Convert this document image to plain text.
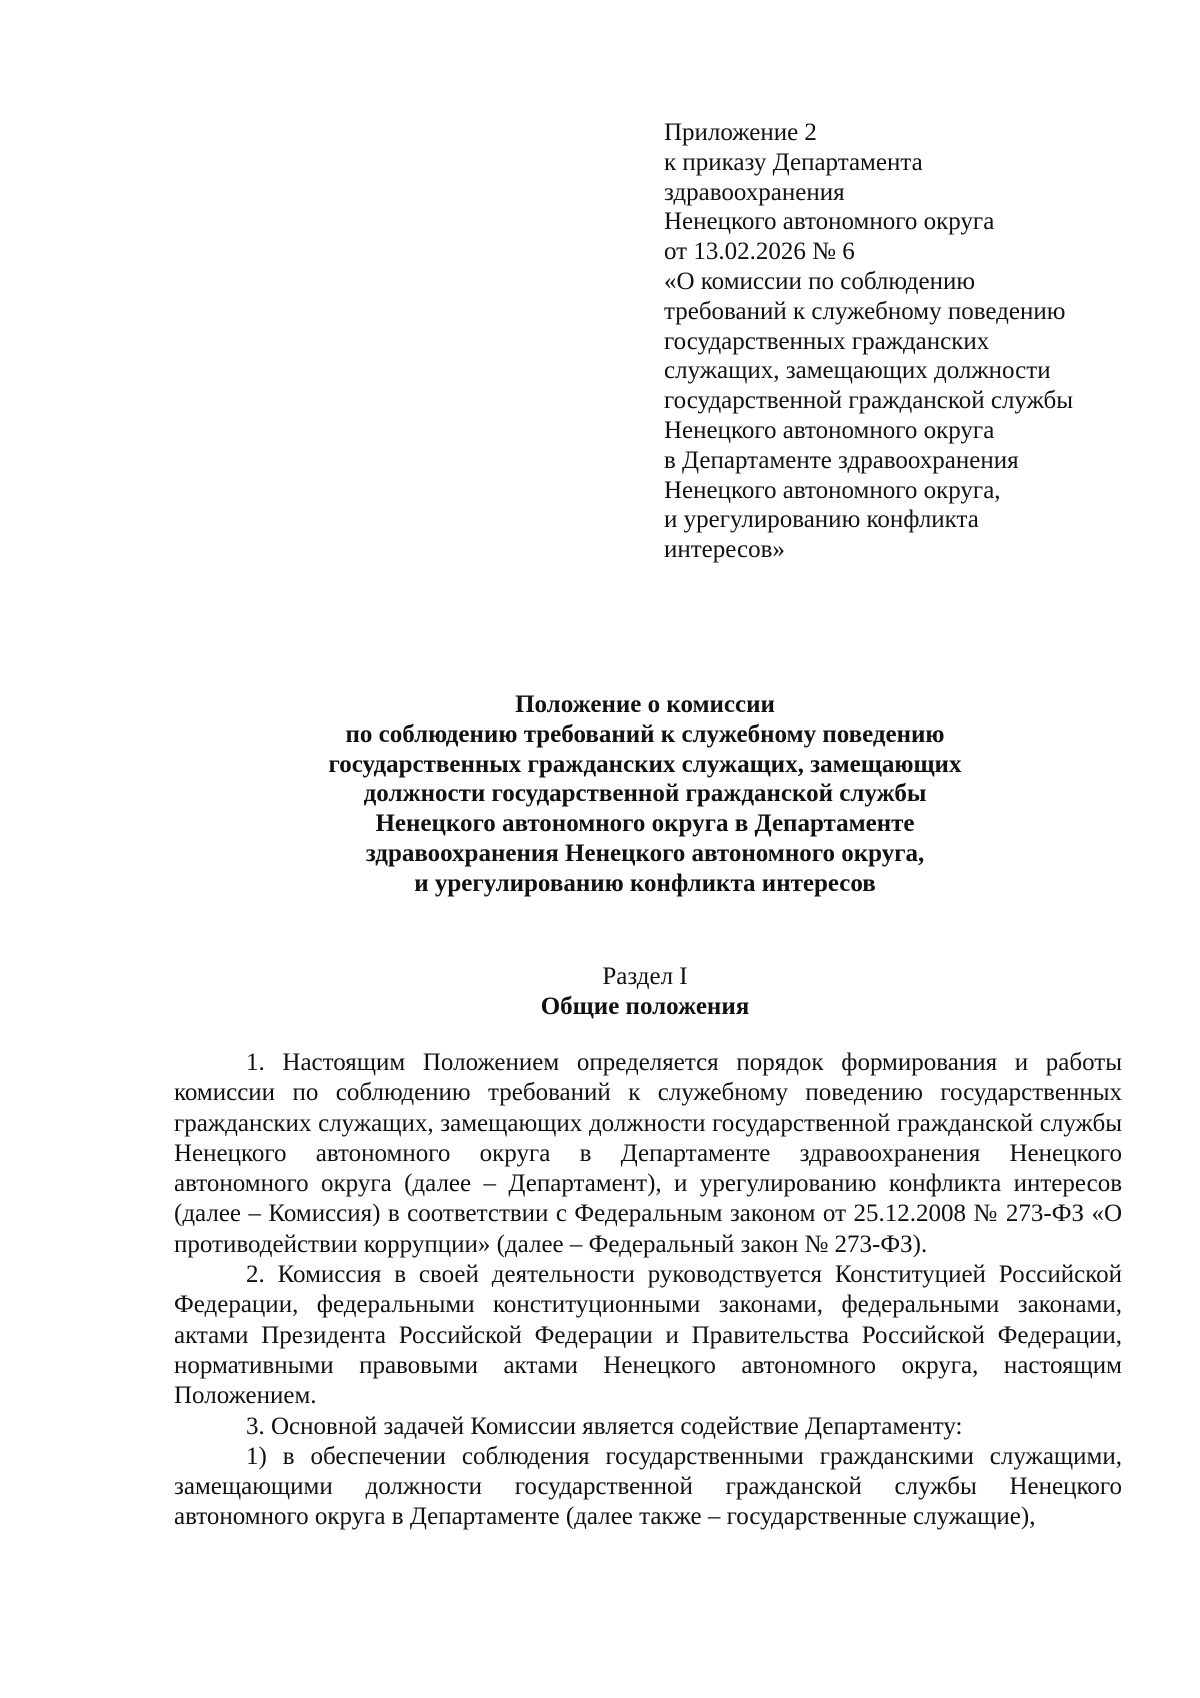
Приложение 2
к приказу Департамента
здравоохранения
Ненецкого автономного округа
от 13.02.2026 № 6
«О комиссии по соблюдению
требований к служебному поведению
государственных гражданских
служащих, замещающих должности
государственной гражданской службы
Ненецкого автономного округа
в Департаменте здравоохранения
Ненецкого автономного округа,
и урегулированию конфликта
интересов»
Положение о комиссии
по соблюдению требований к служебному поведению
государственных гражданских служащих, замещающих
должности государственной гражданской службы
Ненецкого автономного округа в Департаменте
здравоохранения Ненецкого автономного округа,
и урегулированию конфликта интересов
Раздел I
Общие положения

1. Настоящим Положением определяется порядок формирования и работы комиссии по соблюдению требований к служебному поведению государственных гражданских служащих, замещающих должности государственной гражданской службы Ненецкого автономного округа в Департаменте здравоохранения Ненецкого автономного округа (далее – Департамент), и урегулированию конфликта интересов (далее – Комиссия) в соответствии с Федеральным законом от 25.12.2008 № 273-ФЗ «О противодействии коррупции» (далее – Федеральный закон № 273-ФЗ).

2. Комиссия в своей деятельности руководствуется Конституцией Российской Федерации, федеральными конституционными законами, федеральными законами, актами Президента Российской Федерации и Правительства Российской Федерации, нормативными правовыми актами Ненецкого автономного округа, настоящим Положением.

3. Основной задачей Комиссии является содействие Департаменту:

1) в обеспечении соблюдения государственными гражданскими служащими, замещающими должности государственной гражданской службы Ненецкого автономного округа в Департаменте (далее также – государственные служащие),
